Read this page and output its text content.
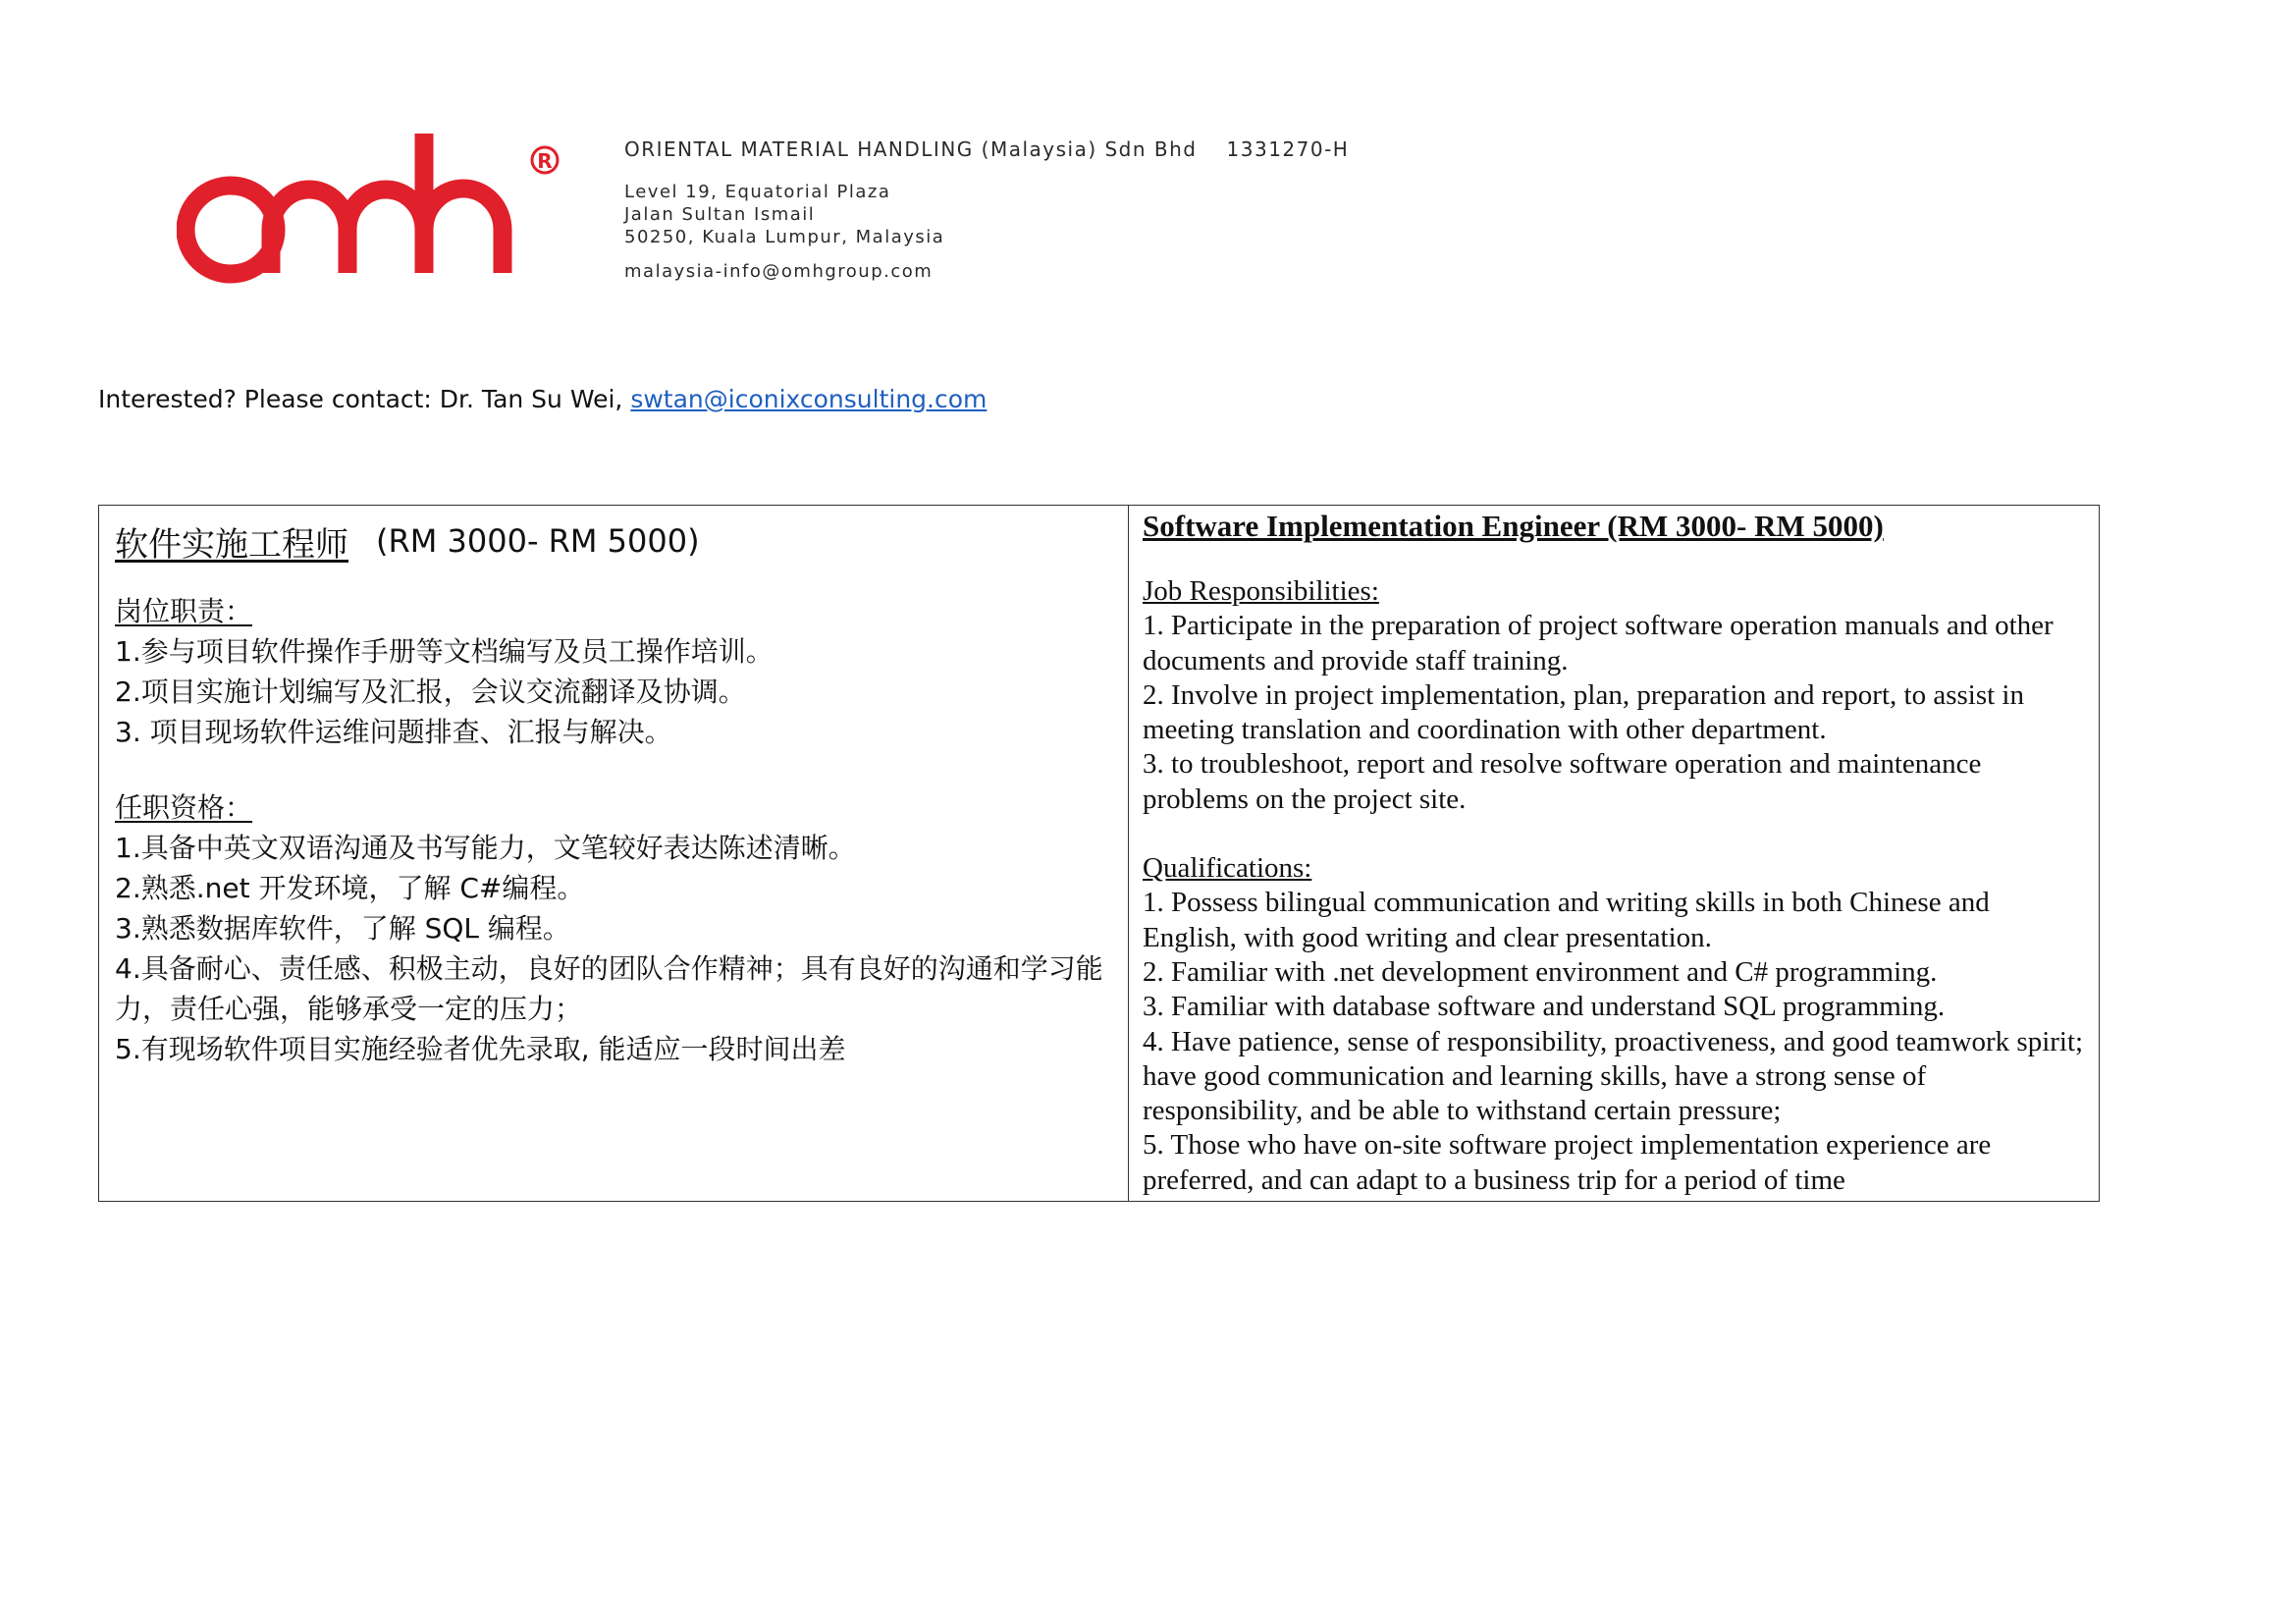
R	ORIENTAL MATERIAL HANDLING (Malaysia) Sdn Bhd 1331270-H
Level 19, Equatorial Plaza
Jalan Sultan Ismail
50250, Kuala Lumpur, Malaysia
malaysia-info@omhgroup.com
Interested? Please contact: Dr. Tan Su Wei, swtan@iconixconsulting.com
软件实施工程师 (RM 3000- RM 5000)
岗位职责：
1.参与项目软件操作手册等文档编写及员工操作培训。
2.项目实施计划编写及汇报，会议交流翻译及协调。
3. 项目现场软件运维问题排查、汇报与解决。
任职资格：
1.具备中英文双语沟通及书写能力，文笔较好表达陈述清晰。
2.熟悉.net 开发环境，了解 C#编程。
3.熟悉数据库软件，了解 SQL 编程。
4.具备耐心、责任感、积极主动，良好的团队合作精神；具有良好的沟通和学习能力，责任心强，能够承受一定的压力；
5.有现场软件项目实施经验者优先录取, 能适应一段时间出差
Software Implementation Engineer (RM 3000- RM 5000)
Job Responsibilities:
1. Participate in the preparation of project software operation manuals and other documents and provide staff training.
2. Involve in project implementation, plan, preparation and report, to assist in meeting translation and coordination with other department.
3. to troubleshoot, report and resolve software operation and maintenance problems on the project site.
Qualifications:
1. Possess bilingual communication and writing skills in both Chinese and English, with good writing and clear presentation.
2. Familiar with .net development environment and C# programming.
3. Familiar with database software and understand SQL programming.
4. Have patience, sense of responsibility, proactiveness, and good teamwork spirit; have good communication and learning skills, have a strong sense of responsibility, and be able to withstand certain pressure;
5. Those who have on-site software project implementation experience are preferred, and can adapt to a business trip for a period of time
